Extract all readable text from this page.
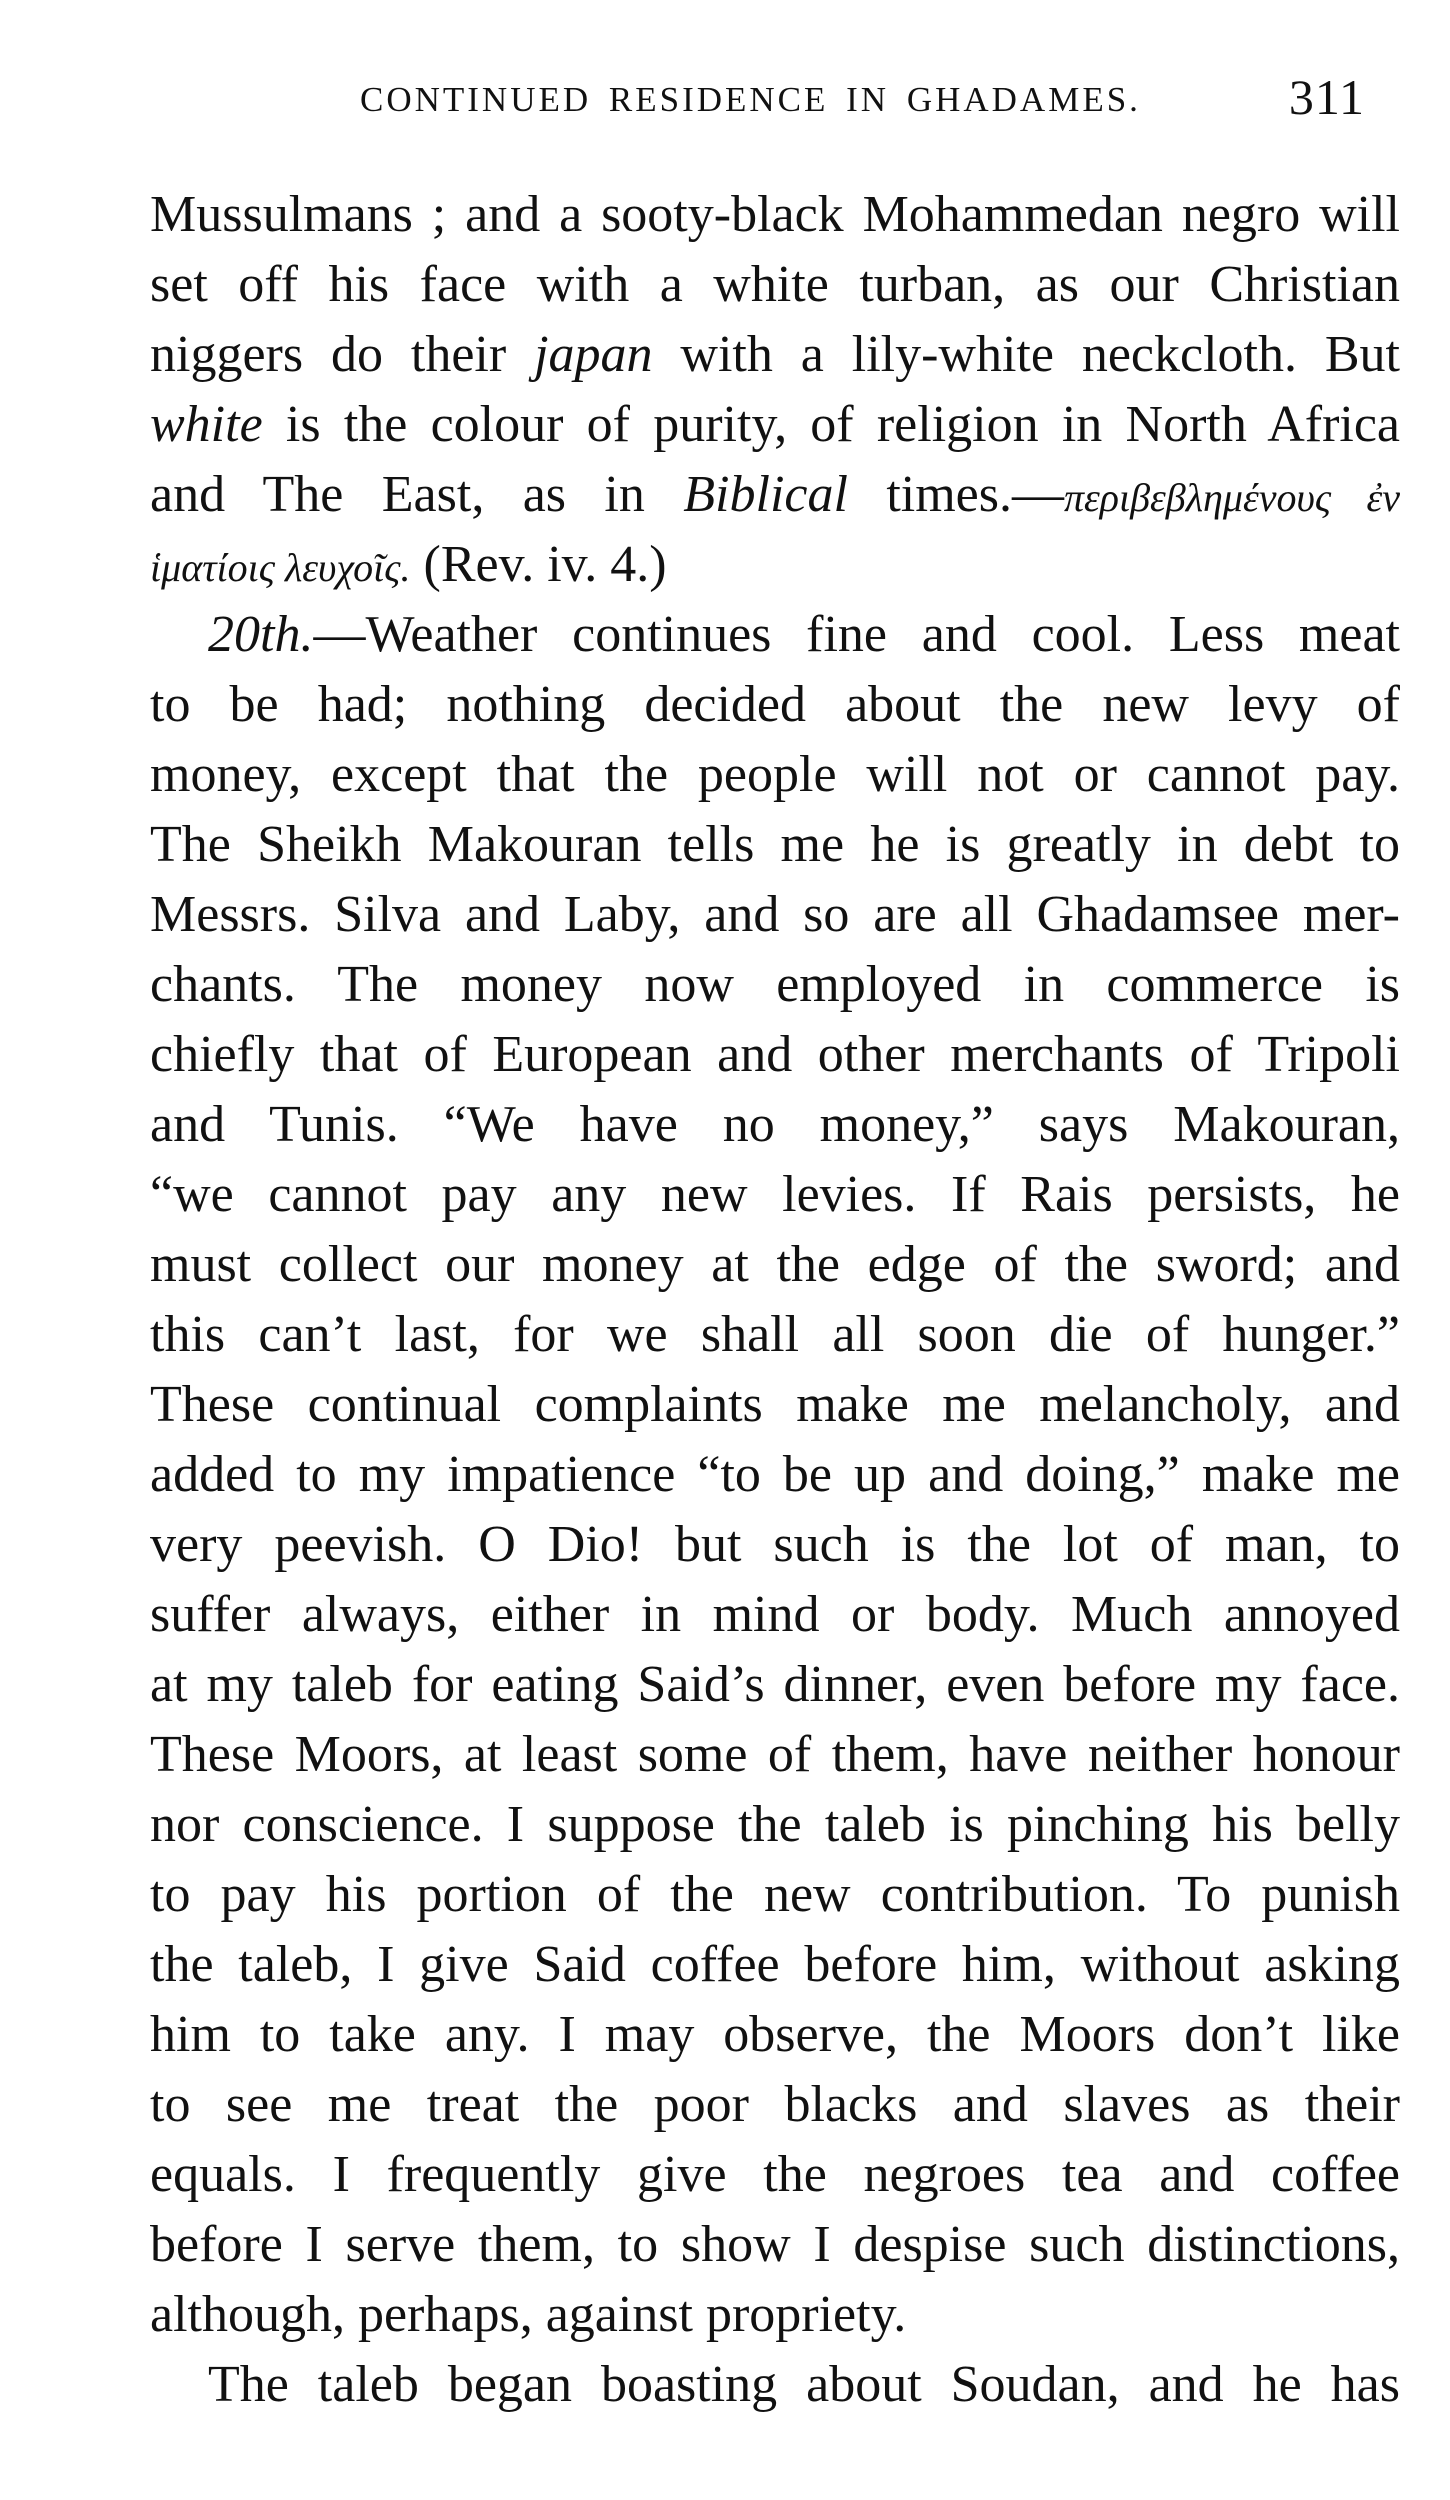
CONTINUED RESIDENCE IN GHADAMES.	311
Mussulmans ; and a sooty-black Mohammedan negro will
set off his face with a white turban, as our Christian
niggers do their japan with a lily-white neckcloth. But
white is the colour of purity, of religion in North Africa
and The East, as in Biblical times.—περιβεβλημένους ἐν
ἱματίοις λευχοῖς. (Rev. iv. 4.)
20th.—Weather continues fine and cool. Less meat
to be had; nothing decided about the new levy of
money, except that the people will not or cannot pay.
The Sheikh Makouran tells me he is greatly in debt to
Messrs. Silva and Laby, and so are all Ghadamsee mer-
chants. The money now employed in commerce is
chiefly that of European and other merchants of Tripoli
and Tunis. “We have no money,” says Makouran,
“we cannot pay any new levies. If Rais persists, he
must collect our money at the edge of the sword; and
this can’t last, for we shall all soon die of hunger.”
These continual complaints make me melancholy, and
added to my impatience “to be up and doing,” make me
very peevish. O Dio! but such is the lot of man, to
suffer always, either in mind or body. Much annoyed
at my taleb for eating Said’s dinner, even before my face.
These Moors, at least some of them, have neither honour
nor conscience. I suppose the taleb is pinching his belly
to pay his portion of the new contribution. To punish
the taleb, I give Said coffee before him, without asking
him to take any. I may observe, the Moors don’t like
to see me treat the poor blacks and slaves as their
equals. I frequently give the negroes tea and coffee
before I serve them, to show I despise such distinctions,
although, perhaps, against propriety.
The taleb began boasting about Soudan, and he has
